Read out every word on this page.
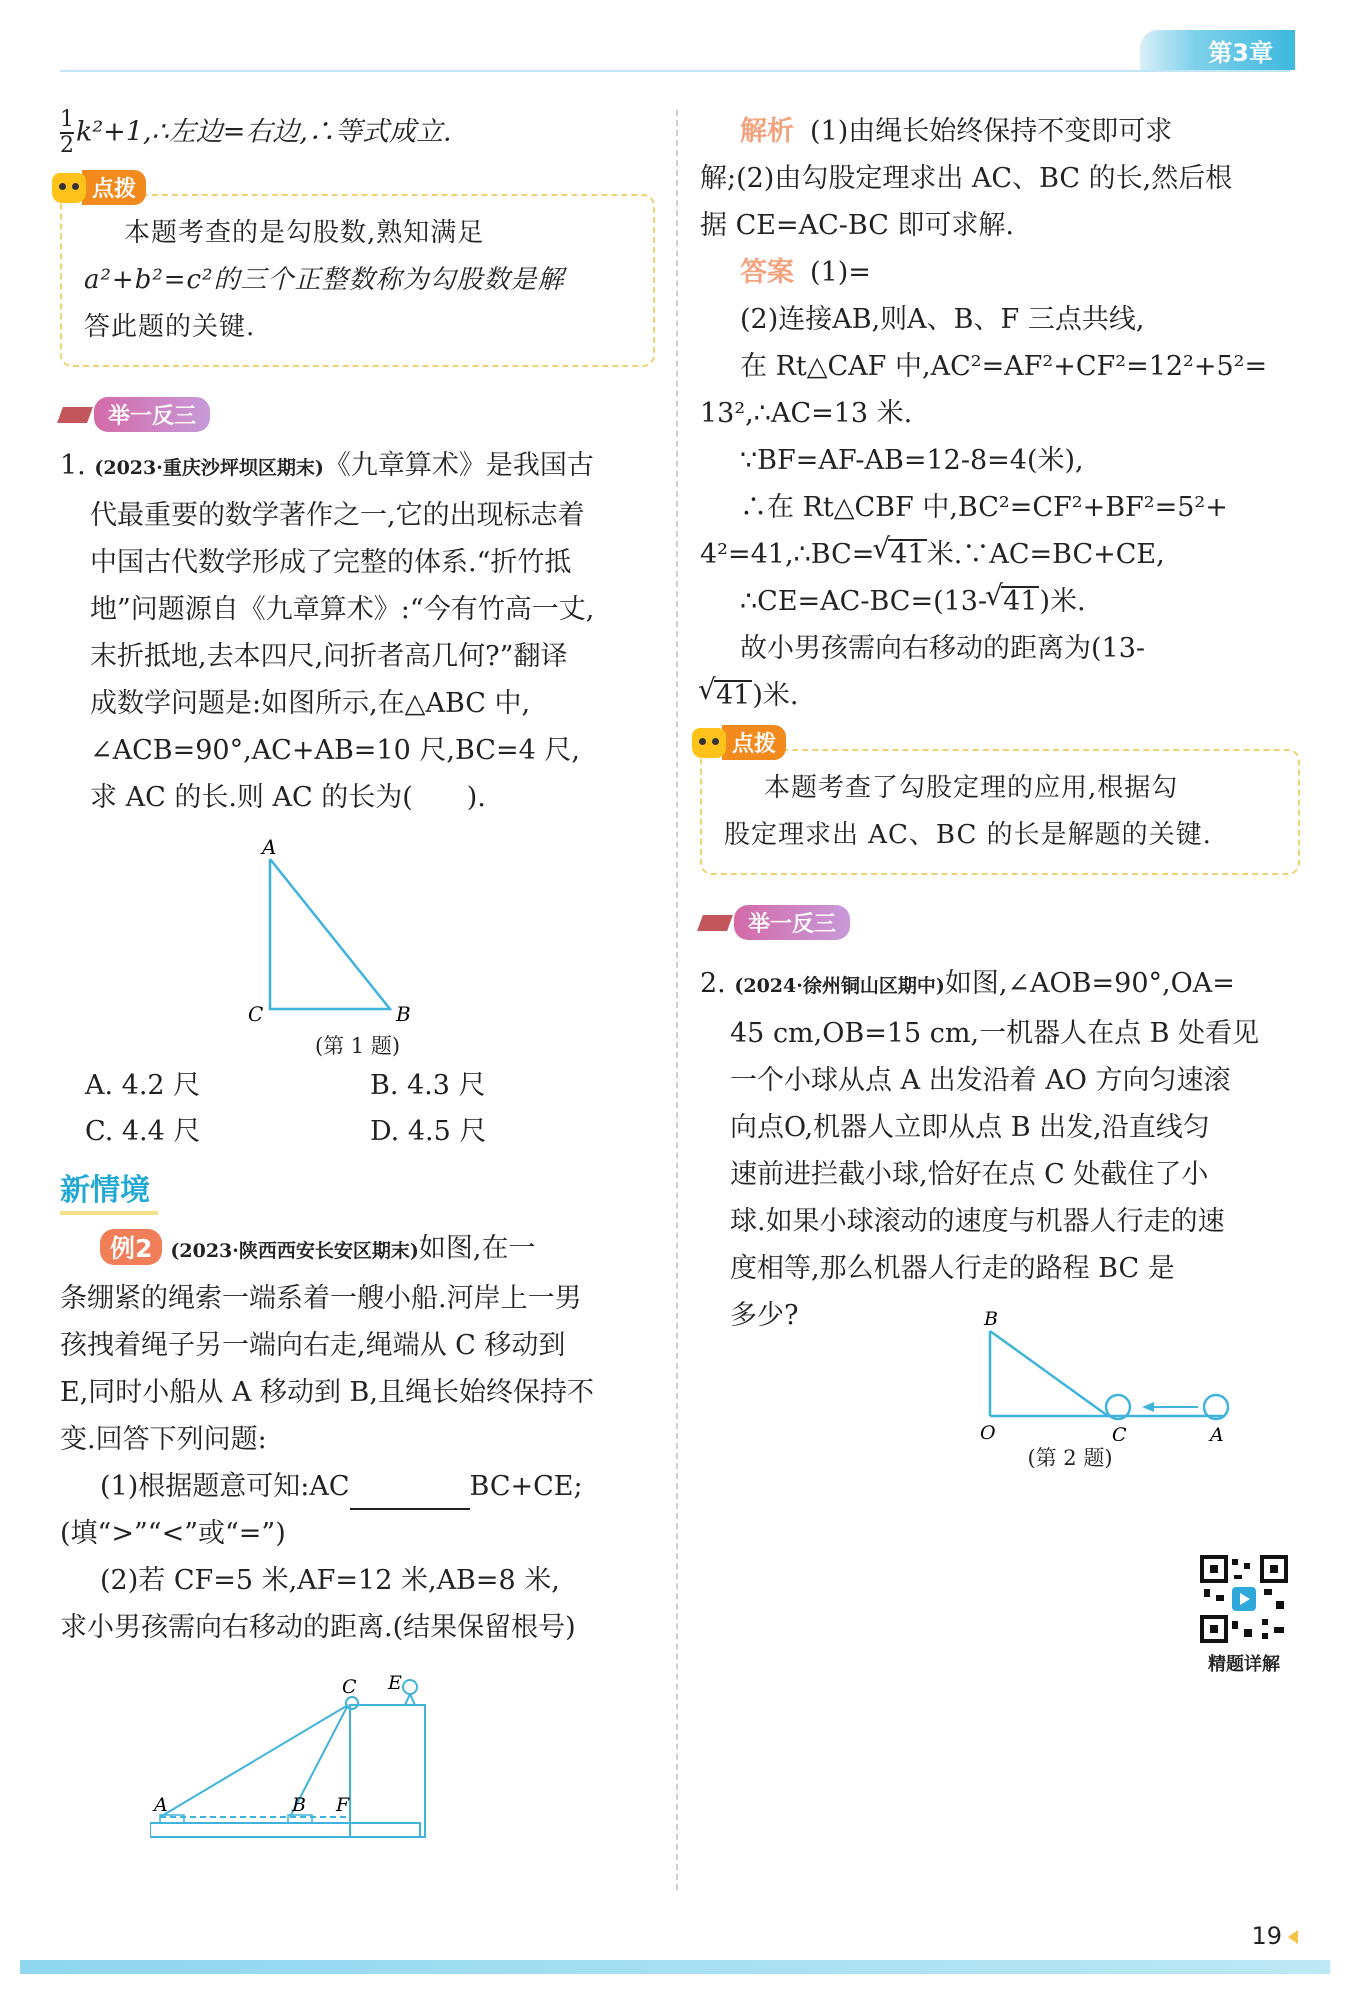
第3章
$\frac{1}{2}$ k²+1,∴左边=右边,∴等式成立.
点拨
本题考查的是勾股数,熟知满足
a²+b²=c²的三个正整数称为勾股数是解
答此题的关键.
举一反三
1. (2023·重庆沙坪坝区期末)《九章算术》是我国古
代最重要的数学著作之一,它的出现标志着
中国古代数学形成了完整的体系.“折竹抵
地”问题源自《九章算术》:“今有竹高一丈,
末折抵地,去本四尺,问折者高几何?”翻译
成数学问题是:如图所示,在△ABC 中,
∠ACB=90°,AC+AB=10 尺,BC=4 尺,
求 AC 的长.则 AC 的长为(　　).
A
C	B
(第 1 题)
A. 4.2 尺	B. 4.3 尺
C. 4.4 尺	D. 4.5 尺
新情境
例2 (2023·陕西西安长安区期末)如图,在一
条绷紧的绳索一端系着一艘小船.河岸上一男
孩拽着绳子另一端向右走,绳端从 C 移动到
E,同时小船从 A 移动到 B,且绳长始终保持不
变.回答下列问题:
(1)根据题意可知:AC	BC+CE;
(填“>”“<”或“=”)
(2)若 CF=5 米,AF=12 米,AB=8 米,
求小男孩需向右移动的距离.(结果保留根号)
A	B F
C E
解析 (1)由绳长始终保持不变即可求
解;(2)由勾股定理求出 AC、BC 的长,然后根
据 CE=AC-BC 即可求解.
答案 (1)=
(2)连接AB,则A、B、F 三点共线,
在 Rt△CAF 中,AC²=AF²+CF²=12²+5²=
13²,∴AC=13 米.
∵BF=AF-AB=12-8=4(米),
∴在 Rt△CBF 中,BC²=CF²+BF²=5²+
4²=41,∴BC= √ 41米.∵AC=BC+CE,
∴CE=AC-BC=(13- √ 41)米.
故小男孩需向右移动的距离为(13-
√ 41)米.
点拨
本题考查了勾股定理的应用,根据勾
股定理求出 AC、BC 的长是解题的关键.
举一反三
2. (2024·徐州铜山区期中)如图,∠AOB=90°,OA=
45 cm,OB=15 cm,一机器人在点 B 处看见
一个小球从点 A 出发沿着 AO 方向匀速滚
向点O,机器人立即从点 B 出发,沿直线匀
速前进拦截小球,恰好在点 C 处截住了小
球.如果小球滚动的速度与机器人行走的速
度相等,那么机器人行走的路程 BC 是
多少?	B
O	C	A
(第 2 题)
精题详解
19
